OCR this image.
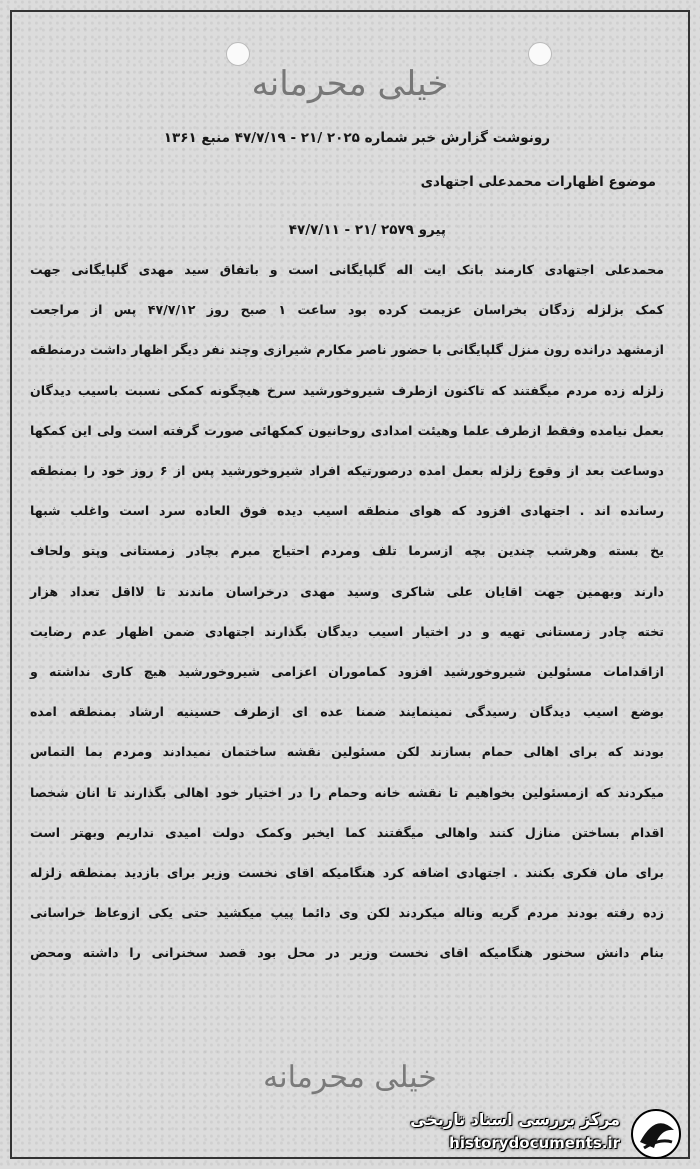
خیلی محرمانه
رونوشت گزارش خبر شماره ۲۰۲۵ /۲۱ - ۴۷/۷/۱۹ منبع ۱۳۶۱
موضوع اظهارات محمدعلی اجتهادی
پیرو ۲۵۷۹ /۲۱ - ۴۷/۷/۱۱
محمدعلی اجتهادی کارمند بانک ایت اله گلپایگانی است و باتفاق سید مهدی گلپایگانی جهت
کمک بزلزله زدگان بخراسان عزیمت کرده بود ساعت ۱ صبح روز ۴۷/۷/۱۲ پس از مراجعت
ازمشهد درانده رون منزل گلپایگانی با حضور ناصر مکارم شیرازی وچند نفر دیگر اظهار داشت درمنطقه
زلزله زده مردم میگفتند که تاکنون ازطرف شیروخورشید سرخ هیچگونه کمکی نسبت باسیب دیدگان
بعمل نیامده وفقط ازطرف علما وهیئت امدادی روحانیون کمکهائی صورت گرفته است ولی این کمکها
دوساعت بعد از وقوع زلزله بعمل امده درصورتیکه افراد شیروخورشید پس از ۶ روز خود را بمنطقه
رسانده اند . اجتهادی افزود که هوای منطقه اسیب دیده فوق العاده سرد است واغلب شبها
یخ بسته وهرشب چندین بچه ازسرما تلف ومردم احتیاج مبرم بچادر زمستانی وپتو ولحاف
دارند وبهمین جهت اقایان علی شاکری وسید مهدی درخراسان ماندند تا لااقل تعداد هزار
تخته چادر زمستانی تهیه و در اختیار اسیب دیدگان بگذارند اجتهادی ضمن اظهار عدم رضایت
ازاقدامات مسئولین شیروخورشید افزود کماموران اعزامی شیروخورشید هیچ کاری نداشته و
بوضع اسیب دیدگان رسیدگی نمینمایند ضمنا عده ای ازطرف حسینیه ارشاد بمنطقه امده
بودند که برای اهالی حمام بسازند لکن مسئولین نقشه ساختمان نمیدادند ومردم بما التماس
میکردند که ازمسئولین بخواهیم تا نقشه خانه وحمام را در اختیار خود اهالی بگذارند تا انان شخصا
اقدام بساختن منازل کنند واهالی میگفتند کما ایخبر وکمک دولت امیدی نداریم وبهتر است
برای مان فکری بکنند . اجتهادی اضافه کرد هنگامیکه اقای نخست وزیر برای بازدید بمنطقه زلزله
زده رفته بودند مردم گریه وناله میکردند لکن وی دائما پیپ میکشید حتی یکی ازوعاظ خراسانی
بنام دانش سخنور هنگامیکه اقای نخست وزیر در محل بود قصد سخنرانی را داشته ومحض
خیلی محرمانه
مرکز بررسی اسناد تاریخی
historydocuments.ir
